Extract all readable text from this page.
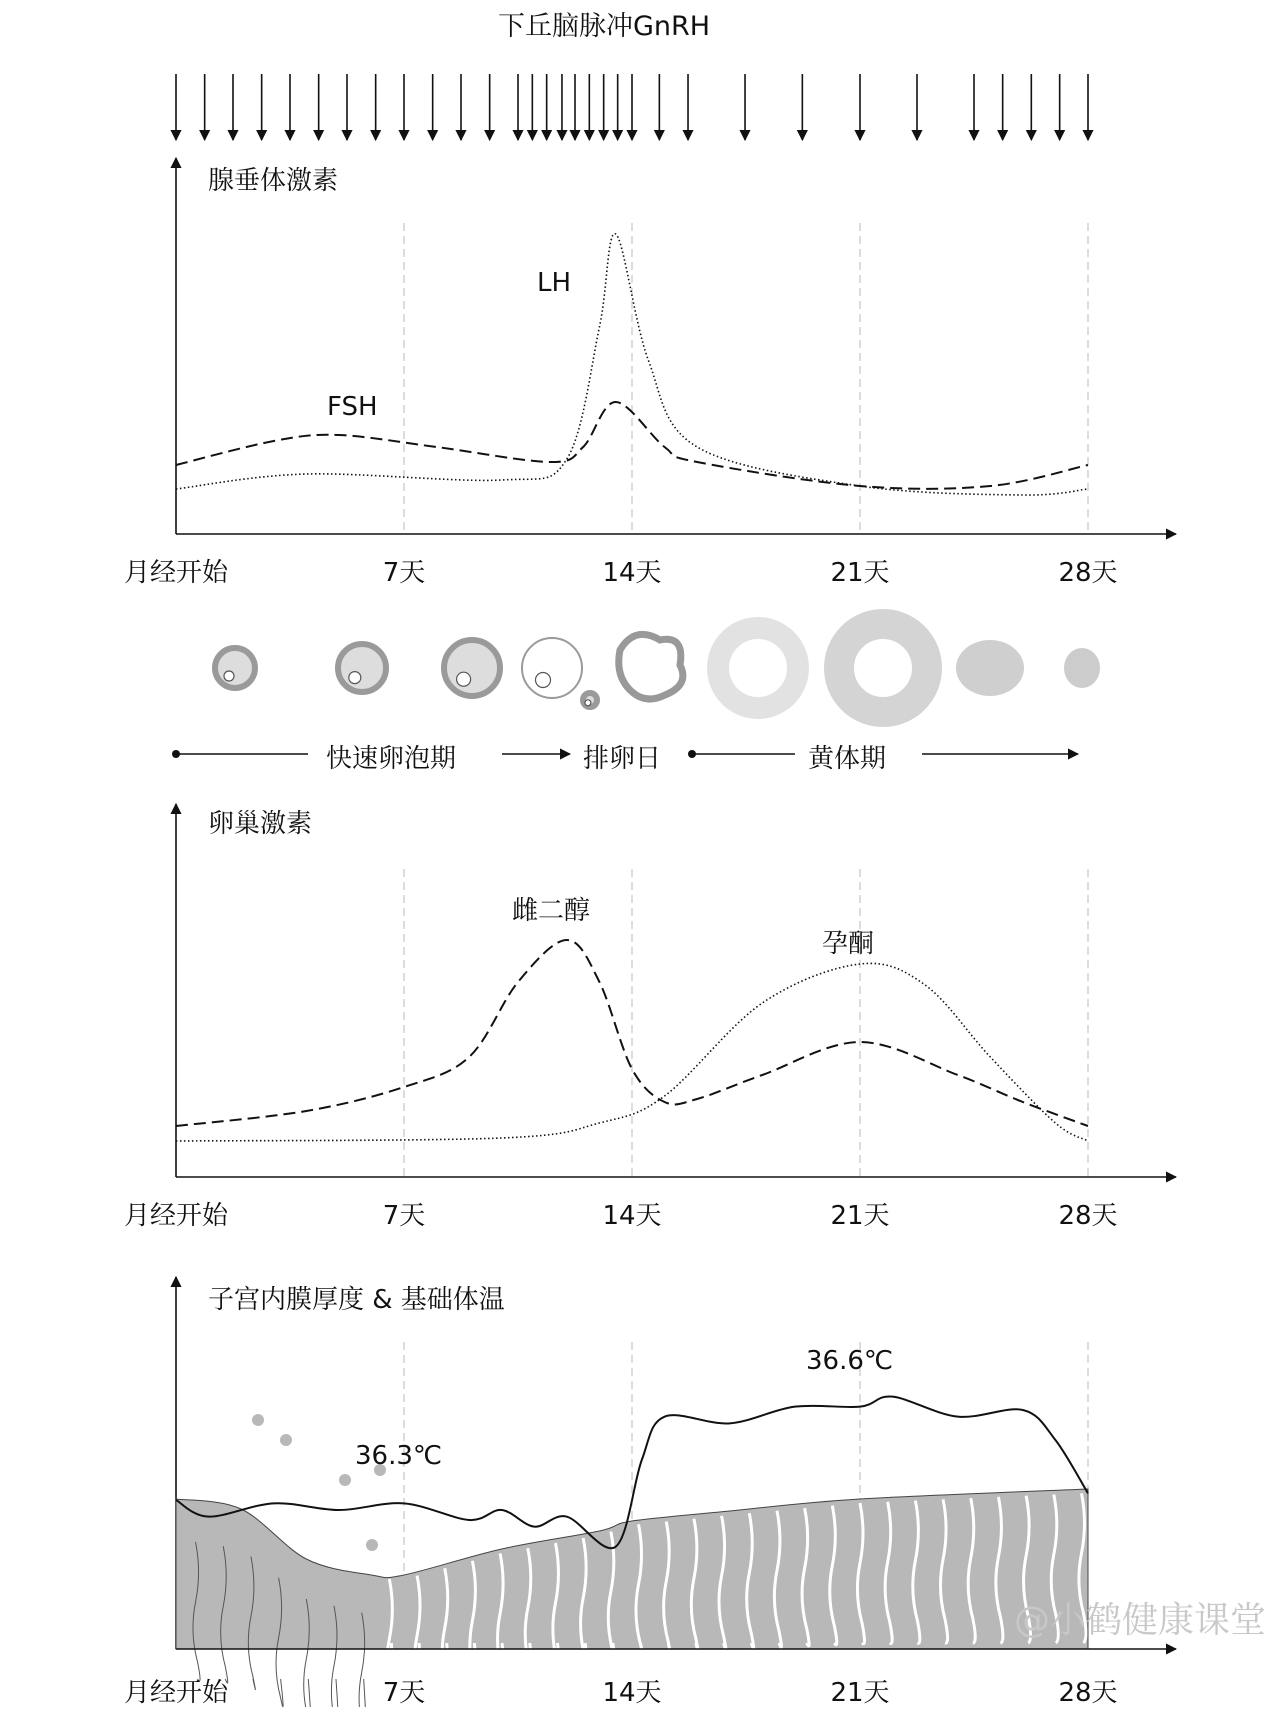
下丘脑脉冲GnRH
腺垂体激素
卵巢激素
子宫内膜厚度 & 基础体温
LH
FSH
雌二醇
孕酮
36.3℃
36.6℃
快速卵泡期	排卵日	黄体期
月经开始	7天	14天	21天	28天
月经开始	7天	14天	21天	28天
月经开始	7天	14天	21天	28天
@小鹤健康课堂
